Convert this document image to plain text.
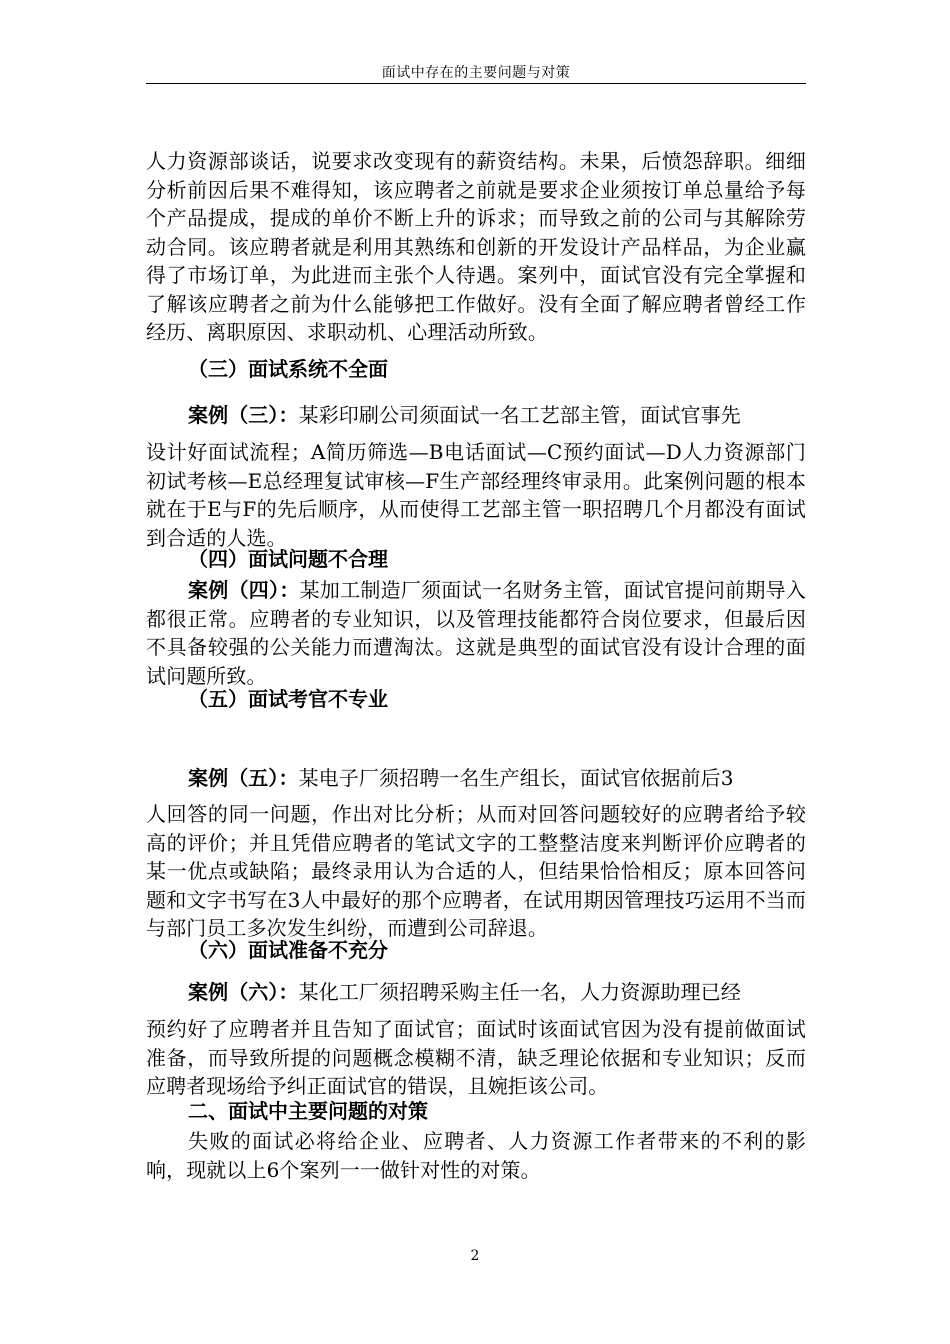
面试中存在的主要问题与对策
人力资源部谈话，说要求改变现有的薪资结构。未果，后愤怨辞职。细细分析前因后果不难得知，该应聘者之前就是要求企业须按订单总量给予每个产品提成，提成的单价不断上升的诉求；而导致之前的公司与其解除劳动合同。该应聘者就是利用其熟练和创新的开发设计产品样品，为企业赢得了市场订单，为此进而主张个人待遇。案列中，面试官没有完全掌握和了解该应聘者之前为什么能够把工作做好。没有全面了解应聘者曾经工作经历、离职原因、求职动机、心理活动所致。
（三）面试系统不全面
案例（三）：某彩印刷公司须面试一名工艺部主管，面试官事先
设计好面试流程；A简历筛选—B电话面试—C预约面试—D人力资源部门初试考核—E总经理复试审核—F生产部经理终审录用。此案例问题的根本就在于E与F的先后顺序，从而使得工艺部主管一职招聘几个月都没有面试到合适的人选。
（四）面试问题不合理
案例（四）：某加工制造厂须面试一名财务主管，面试官提问前期导入都很正常。应聘者的专业知识，以及管理技能都符合岗位要求，但最后因不具备较强的公关能力而遭淘汰。这就是典型的面试官没有设计合理的面试问题所致。
（五）面试考官不专业
案例（五）：某电子厂须招聘一名生产组长，面试官依据前后3
人回答的同一问题，作出对比分析；从而对回答问题较好的应聘者给予较高的评价；并且凭借应聘者的笔试文字的工整整洁度来判断评价应聘者的某一优点或缺陷；最终录用认为合适的人，但结果恰恰相反；原本回答问题和文字书写在3人中最好的那个应聘者，在试用期因管理技巧运用不当而与部门员工多次发生纠纷，而遭到公司辞退。
（六）面试准备不充分
案例（六）：某化工厂须招聘采购主任一名，人力资源助理已经
预约好了应聘者并且告知了面试官；面试时该面试官因为没有提前做面试准备，而导致所提的问题概念模糊不清，缺乏理论依据和专业知识；反而应聘者现场给予纠正面试官的错误，且婉拒该公司。
二、面试中主要问题的对策
失败的面试必将给企业、应聘者、人力资源工作者带来的不利的影响，现就以上6个案列一一做针对性的对策。
2
